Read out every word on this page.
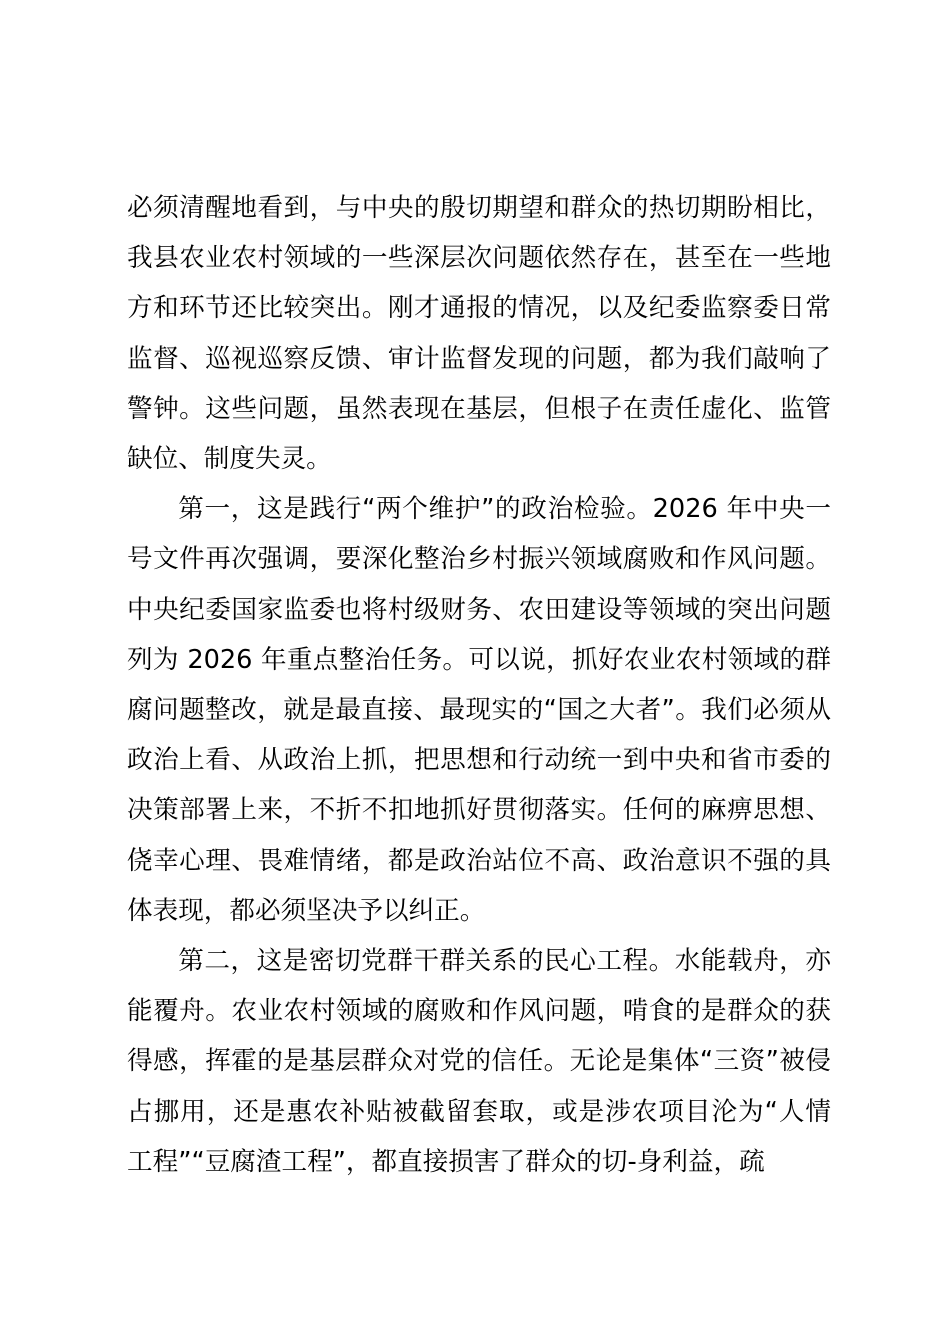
必须清醒地看到，与中央的殷切期望和群众的热切期盼相比，我县农业农村领域的一些深层次问题依然存在，甚至在一些地方和环节还比较突出。刚才通报的情况，以及纪委监察委日常监督、巡视巡察反馈、审计监督发现的问题，都为我们敲响了警钟。这些问题，虽然表现在基层，但根子在责任虚化、监管缺位、制度失灵。

第一，这是践行“两个维护”的政治检验。2026 年中央一号文件再次强调，要深化整治乡村振兴领域腐败和作风问题。中央纪委国家监委也将村级财务、农田建设等领域的突出问题列为 2026 年重点整治任务。可以说，抓好农业农村领域的群腐问题整改，就是最直接、最现实的“国之大者”。我们必须从政治上看、从政治上抓，把思想和行动统一到中央和省市委的决策部署上来，不折不扣地抓好贯彻落实。任何的麻痹思想、侥幸心理、畏难情绪，都是政治站位不高、政治意识不强的具体表现，都必须坚决予以纠正。

第二，这是密切党群干群关系的民心工程。水能载舟，亦能覆舟。农业农村领域的腐败和作风问题，啃食的是群众的获得感，挥霍的是基层群众对党的信任。无论是集体“三资”被侵占挪用，还是惠农补贴被截留套取，或是涉农项目沦为“人情工程”“豆腐渣工程”，都直接损害了群众的切-身利益，疏
